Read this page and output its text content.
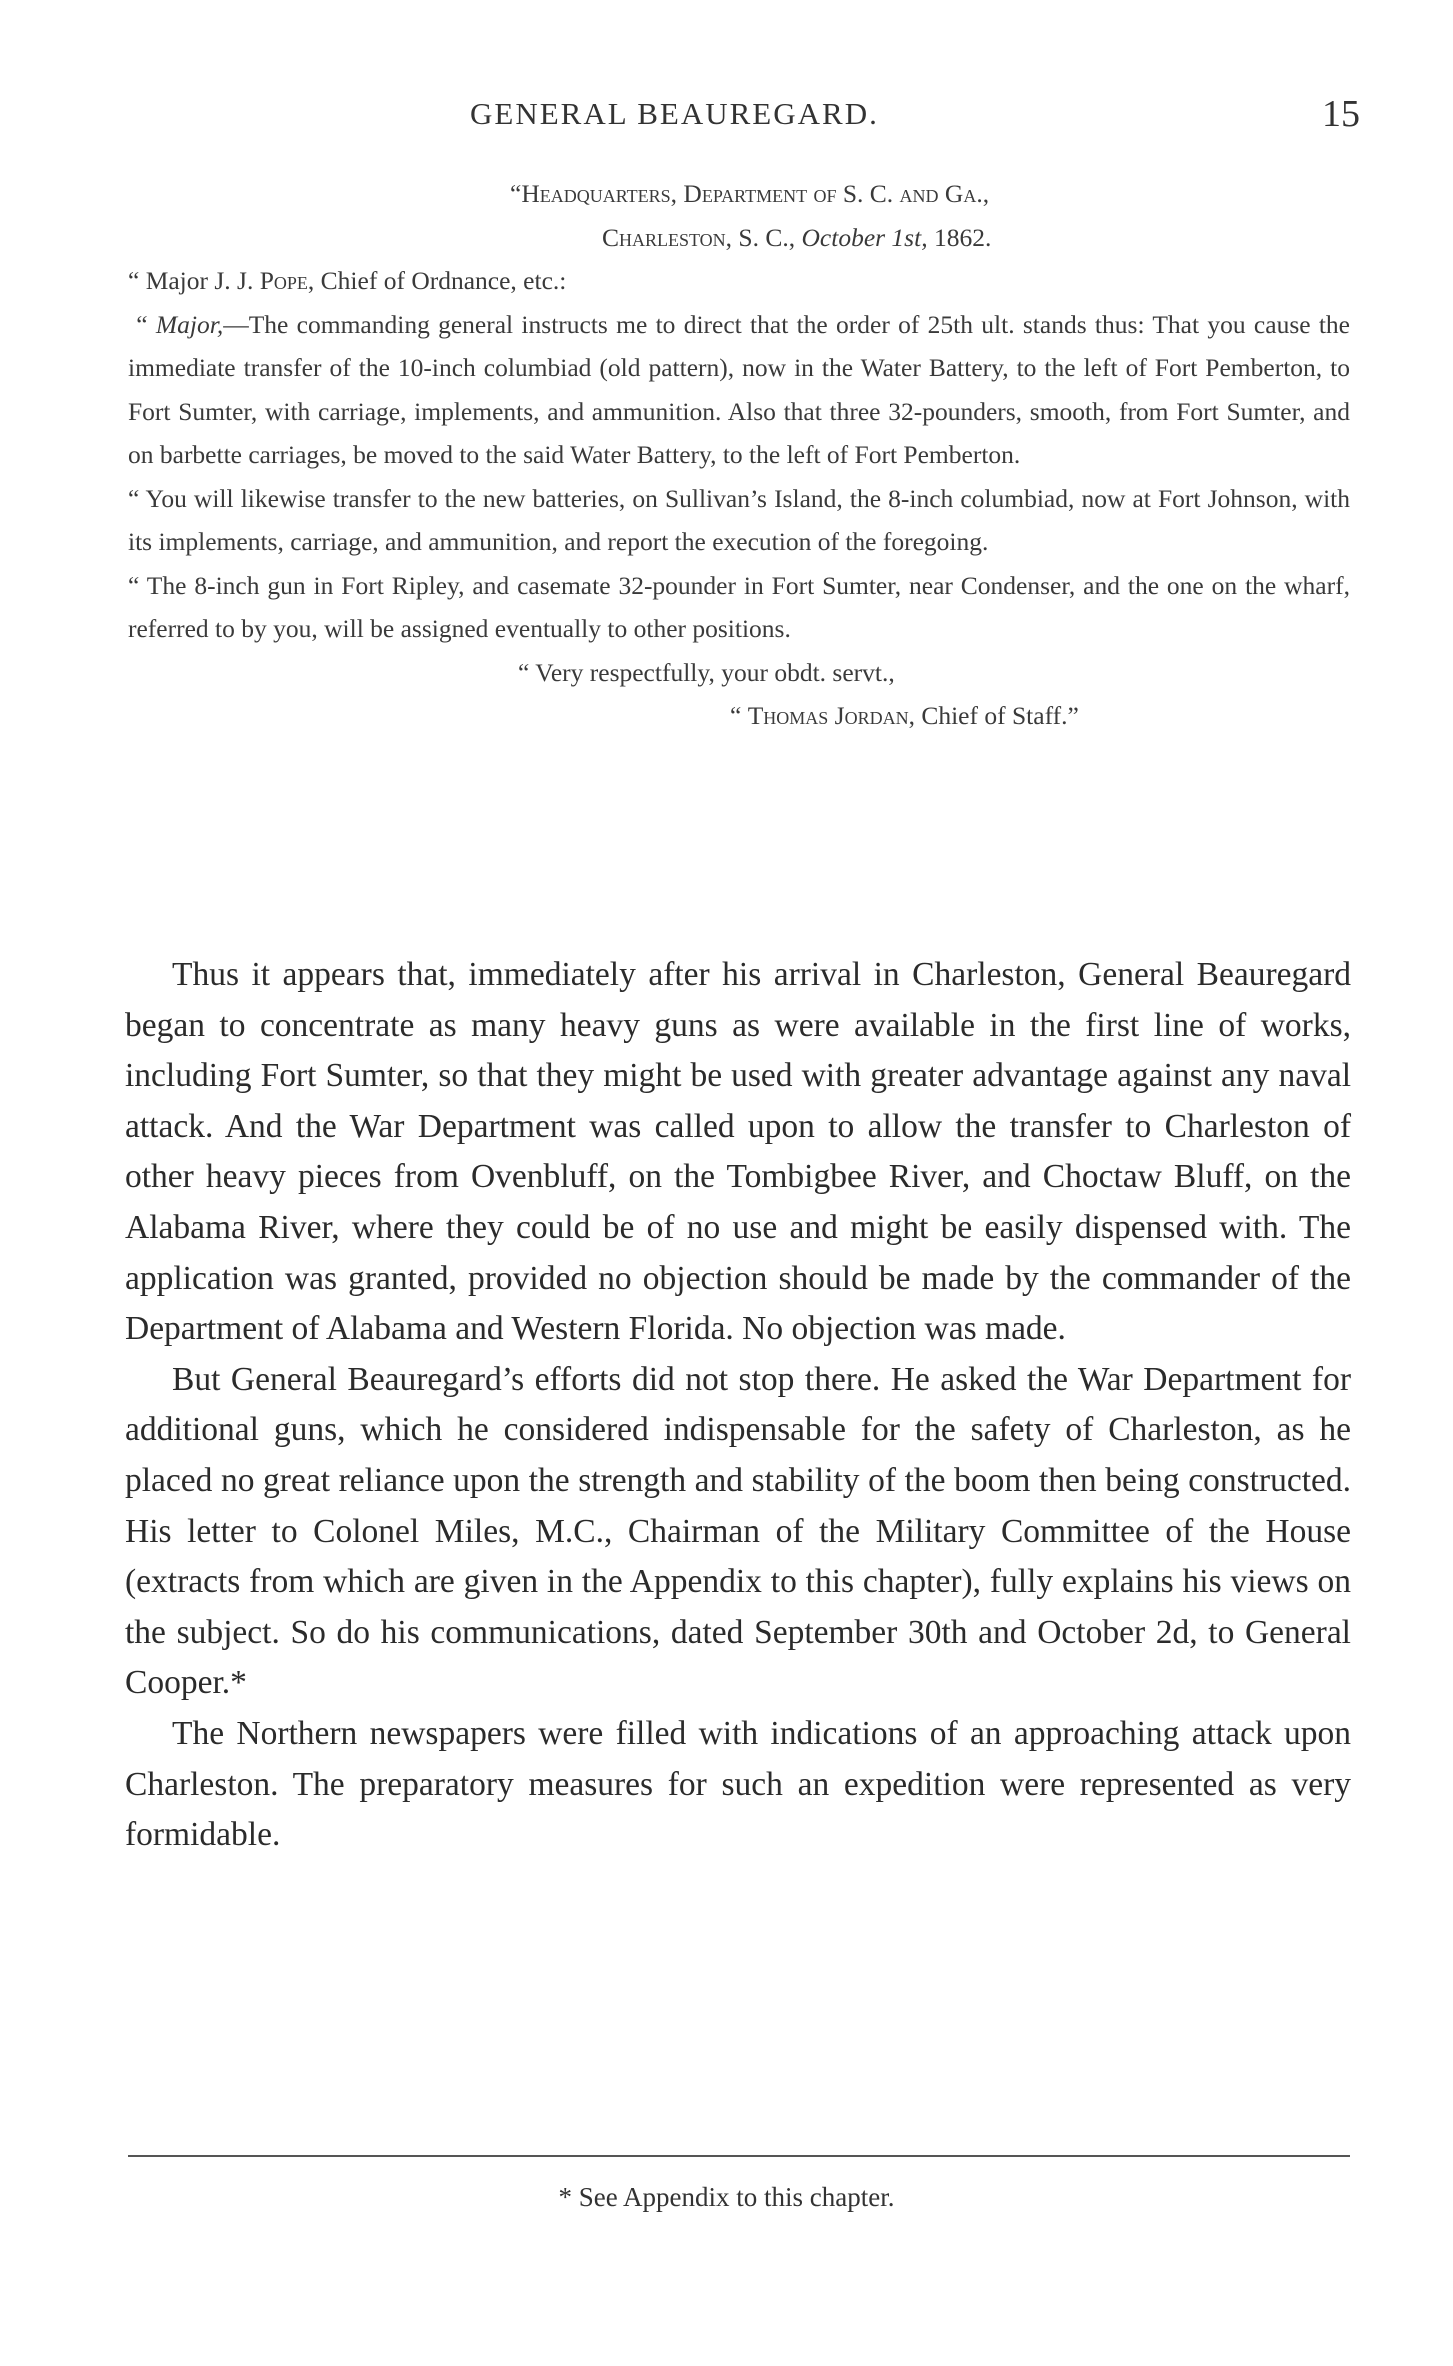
GENERAL BEAUREGARD.	15

“Headquarters, Department of S. C. and Ga.,

Charleston, S. C., October 1st, 1862.

“ Major J. J. Pope, Chief of Ordnance, etc.:

“ Major,—The commanding general instructs me to direct that the order of 25th ult. stands thus: That you cause the immediate transfer of the 10-inch columbiad (old pattern), now in the Water Battery, to the left of Fort Pemberton, to Fort Sumter, with carriage, implements, and ammunition. Also that three 32-pounders, smooth, from Fort Sumter, and on barbette carriages, be moved to the said Water Battery, to the left of Fort Pemberton.

“ You will likewise transfer to the new batteries, on Sullivan’s Island, the 8-inch columbiad, now at Fort Johnson, with its implements, carriage, and ammunition, and report the execution of the foregoing.

“ The 8-inch gun in Fort Ripley, and casemate 32-pounder in Fort Sumter, near Condenser, and the one on the wharf, referred to by you, will be assigned eventually to other positions.

“ Very respectfully, your obdt. servt.,

“ Thomas Jordan, Chief of Staff.”

Thus it appears that, immediately after his arrival in Charleston, General Beauregard began to concentrate as many heavy guns as were available in the first line of works, including Fort Sumter, so that they might be used with greater advantage against any naval attack. And the War Department was called upon to allow the transfer to Charleston of other heavy pieces from Ovenbluff, on the Tombigbee River, and Choctaw Bluff, on the Alabama River, where they could be of no use and might be easily dispensed with. The application was granted, provided no objection should be made by the commander of the Department of Alabama and Western Florida. No objection was made.

But General Beauregard’s efforts did not stop there. He asked the War Department for additional guns, which he considered indispensable for the safety of Charleston, as he placed no great reliance upon the strength and stability of the boom then being constructed. His letter to Colonel Miles, M.C., Chairman of the Military Committee of the House (extracts from which are given in the Appendix to this chapter), fully explains his views on the subject. So do his communications, dated September 30th and October 2d, to General Cooper.*

The Northern newspapers were filled with indications of an approaching attack upon Charleston. The preparatory measures for such an expedition were represented as very formidable.

* See Appendix to this chapter.
